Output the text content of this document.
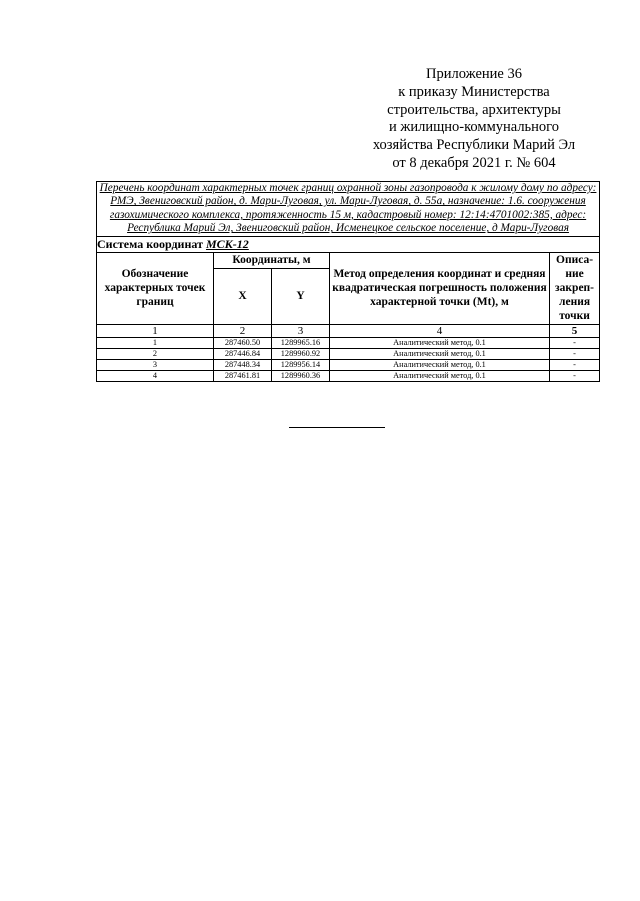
Приложение 36
к приказу Министерства
строительства, архитектуры
и жилищно-коммунального
хозяйства Республики Марий Эл
от 8 декабря 2021 г. № 604
Перечень координат характерных точек границ охранной зоны газопровода к жилому дому по адресу: РМЭ, Звениговский район, д. Мари-Луговая, ул. Мари-Луговая, д. 55а, назначение: 1.6. сооружения газохимического комплекса, протяженность 15 м, кадастровый номер: 12:14:4701002:385, адрес: Республика Марий Эл, Звениговский район, Исменецкое сельское поселение, д Мари-Луговая				
Система координат МСК-12				
Обозначение характерных точек границ	Координаты, м		Метод определения координат и средняя квадратическая погрешность положения характерной точки (Mt), м	Описа-ние закреп-ления точки
	X	Y		
1	2	3	4	5
1	287460.50	1289965.16	Аналитический метод, 0.1	-
2	287446.84	1289960.92	Аналитический метод, 0.1	-
3	287448.34	1289956.14	Аналитический метод, 0.1	-
4	287461.81	1289960.36	Аналитический метод, 0.1	-
